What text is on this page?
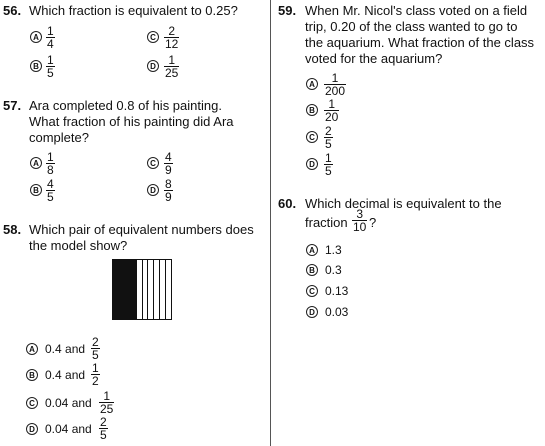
56. Which fraction is equivalent to 0.25?
A $\frac{1}{4}$
B $\frac{1}{5}$
C $\frac{2}{12}$
D $\frac{1}{25}$
57. Ara completed 0.8 of his painting.
What fraction of his painting did Ara
complete?
A $\frac{1}{8}$
B $\frac{4}{5}$
C $\frac{4}{9}$
D $\frac{8}{9}$
58. Which pair of equivalent numbers does
the model show?
A 0.4 and $\frac{2}{5}$
B 0.4 and $\frac{1}{2}$
C 0.04 and $\frac{1}{25}$
D 0.04 and $\frac{2}{5}$
59. When Mr. Nicol's class voted on a field
trip, 0.20 of the class wanted to go to
the aquarium. What fraction of the class
voted for the aquarium?
A $\frac{1}{200}$
B $\frac{1}{20}$
C $\frac{2}{5}$
D $\frac{1}{5}$
60. Which decimal is equivalent to the
fraction $\frac{3}{10}$ ?
A 1.3
B 0.3
C 0.13
D 0.03
